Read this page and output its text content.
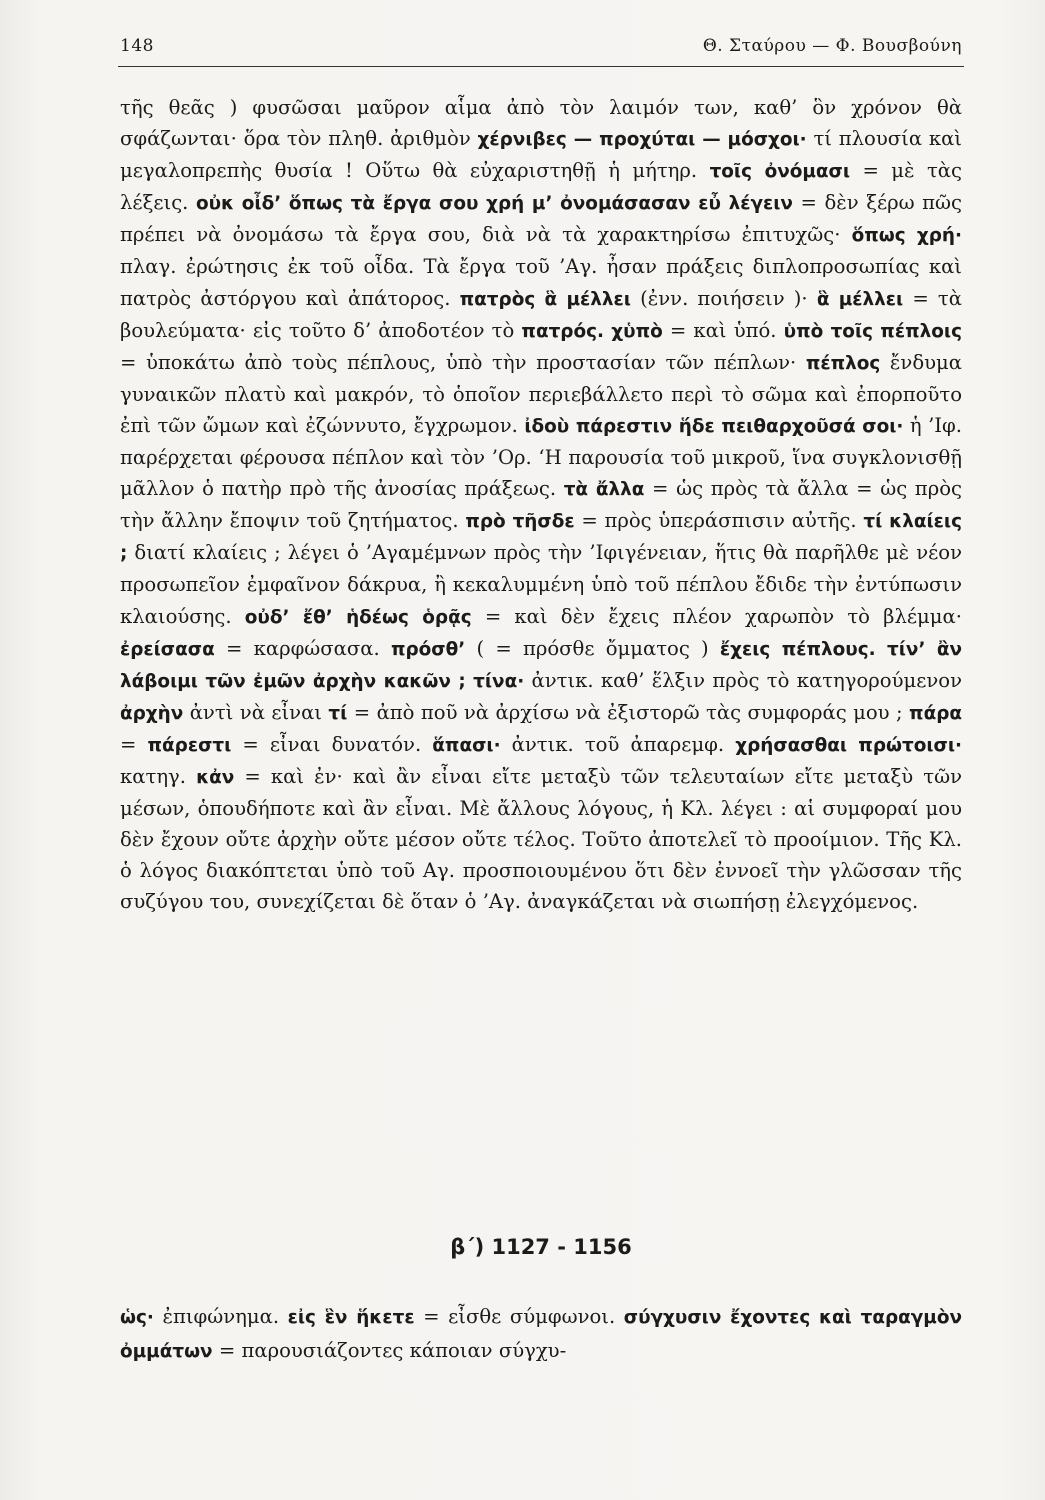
148	Θ. Σταύρου — Φ. Βουσβούνη

τῆς θεᾶς ) φυσῶσαι μαῦρον αἷμα ἀπὸ τὸν λαιμόν των, καθ’ ὃν χρόνον θὰ σφάζωνται· ὅρα τὸν πληθ. ἀριθμὸν χέρνιβες — προχύται — μόσχοι· τί πλουσία καὶ μεγαλοπρεπὴς θυσία ! Οὕτω θὰ εὐχαριστηθῇ ἡ μήτηρ. τοῖς ὀνόμασι = μὲ τὰς λέξεις. οὐκ οἶδ’ ὅπως τὰ ἔργα σου χρή μ’ ὀνομάσασαν εὖ λέγειν = δὲν ξέρω πῶς πρέπει νὰ ὀνομάσω τὰ ἔργα σου, διὰ νὰ τὰ χαρακτηρίσω ἐπιτυχῶς· ὅπως χρή· πλαγ. ἐρώτησις ἐκ τοῦ οἶδα. Τὰ ἔργα τοῦ ’Αγ. ἦσαν πράξεις διπλοπροσωπίας καὶ πατρὸς ἀστόργου καὶ ἀπάτορος. πατρὸς ἃ μέλλει (ἐνν. ποιήσειν )· ἃ μέλλει = τὰ βουλεύματα· εἰς τοῦτο δ’ ἀποδοτέον τὸ πατρός. χὑπὸ = καὶ ὑπό. ὑπὸ τοῖς πέπλοις = ὑποκάτω ἀπὸ τοὺς πέπλους, ὑπὸ τὴν προστασίαν τῶν πέπλων· πέπλος ἔνδυμα γυναικῶν πλατὺ καὶ μακρόν, τὸ ὁποῖον περιεβάλλετο περὶ τὸ σῶμα καὶ ἐπορποῦτο ἐπὶ τῶν ὤμων καὶ ἐζώννυτο, ἔγχρωμον. ἰδοὺ πάρεστιν ἥδε πειθαρχοῦσά σοι· ἡ ’Ιφ. παρέρχεται φέρουσα πέπλον καὶ τὸν ’Ορ. ‘Η παρουσία τοῦ μικροῦ, ἵνα συγκλονισθῇ μᾶλλον ὁ πατὴρ πρὸ τῆς ἀνοσίας πράξεως. τὰ ἄλλα = ὡς πρὸς τὰ ἄλλα = ὡς πρὸς τὴν ἄλλην ἔποψιν τοῦ ζητήματος. πρὸ τῆσδε = πρὸς ὑπεράσπισιν αὐτῆς. τί κλαίεις ; διατί κλαίεις ; λέγει ὁ ’Αγαμέμνων πρὸς τὴν ’Ιφιγένειαν, ἥτις θὰ παρῆλθε μὲ νέον προσωπεῖον ἐμφαῖνον δάκρυα, ἢ κεκαλυμμένη ὑπὸ τοῦ πέπλου ἔδιδε τὴν ἐντύπωσιν κλαιούσης. οὐδ’ ἔθ’ ἡδέως ὁρᾷς = καὶ δὲν ἔχεις πλέον χαρωπὸν τὸ βλέμμα· ἐρείσασα = καρφώσασα. πρόσθ’ ( = πρόσθε ὄμματος ) ἔχεις πέπλους. τίν’ ἂν λάβοιμι τῶν ἐμῶν ἀρχὴν κακῶν ; τίνα· ἀντικ. καθ’ ἕλξιν πρὸς τὸ κατηγορούμενον ἀρχὴν ἀντὶ νὰ εἶναι τί = ἀπὸ ποῦ νὰ ἀρχίσω νὰ ἐξιστορῶ τὰς συμφοράς μου ; πάρα = πάρεστι = εἶναι δυνατόν. ἅπασι· ἀντικ. τοῦ ἀπαρεμφ. χρήσασθαι πρώτοισι· κατηγ. κἀν = καὶ ἐν· καὶ ἂν εἶναι εἴτε μεταξὺ τῶν τελευταίων εἴτε μεταξὺ τῶν μέσων, ὁπουδήποτε καὶ ἂν εἶναι. Μὲ ἄλλους λόγους, ἡ Κλ. λέγει : αἱ συμφοραί μου δὲν ἔχουν οὔτε ἀρχὴν οὔτε μέσον οὔτε τέλος. Τοῦτο ἀποτελεῖ τὸ προοίμιον. Τῆς Κλ. ὁ λόγος διακόπτεται ὑπὸ τοῦ Αγ. προσποιουμένου ὅτι δὲν ἐννοεῖ τὴν γλῶσσαν τῆς συζύγου του, συνεχίζεται δὲ ὅταν ὁ ’Αγ. ἀναγκάζεται νὰ σιωπήσῃ ἐλεγχόμενος.

β΄) 1127 - 1156

ὡς· ἐπιφώνημα. εἰς ἓν ἥκετε = εἶσθε σύμφωνοι. σύγχυσιν ἔχοντες καὶ ταραγμὸν ὀμμάτων = παρουσιάζοντες κάποιαν σύγχυ-
